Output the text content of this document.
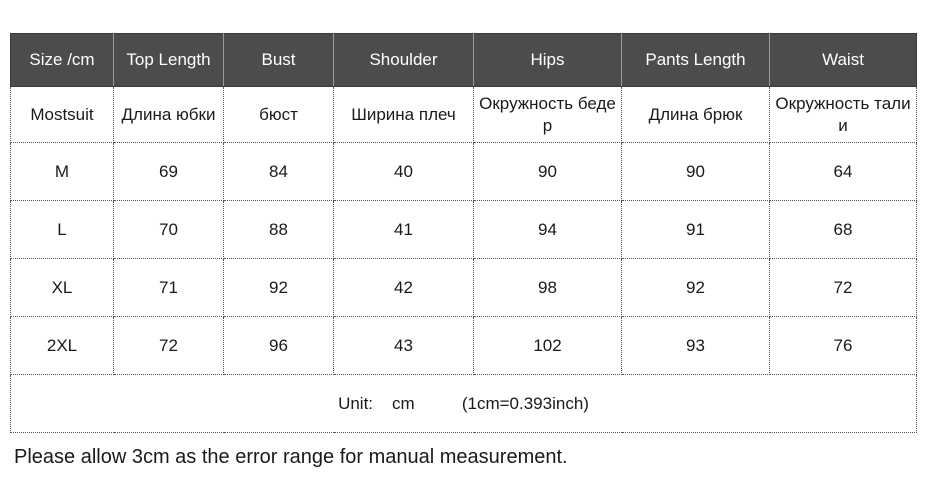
Size /cm	Top Length	Bust	Shoulder	Hips	Pants Length	Waist
Mostsuit	Длина юбки	бюст	Ширина плеч	Окружность бедер	Длина брюк	Окружность талии
M	69	84	40	90	90	64
L	70	88	41	94	91	68
XL	71	92	42	98	92	72
2XL	72	96	43	102	93	76
Unit: cm (1cm=0.393inch)						
Please allow 3cm as the error range for manual measurement.
